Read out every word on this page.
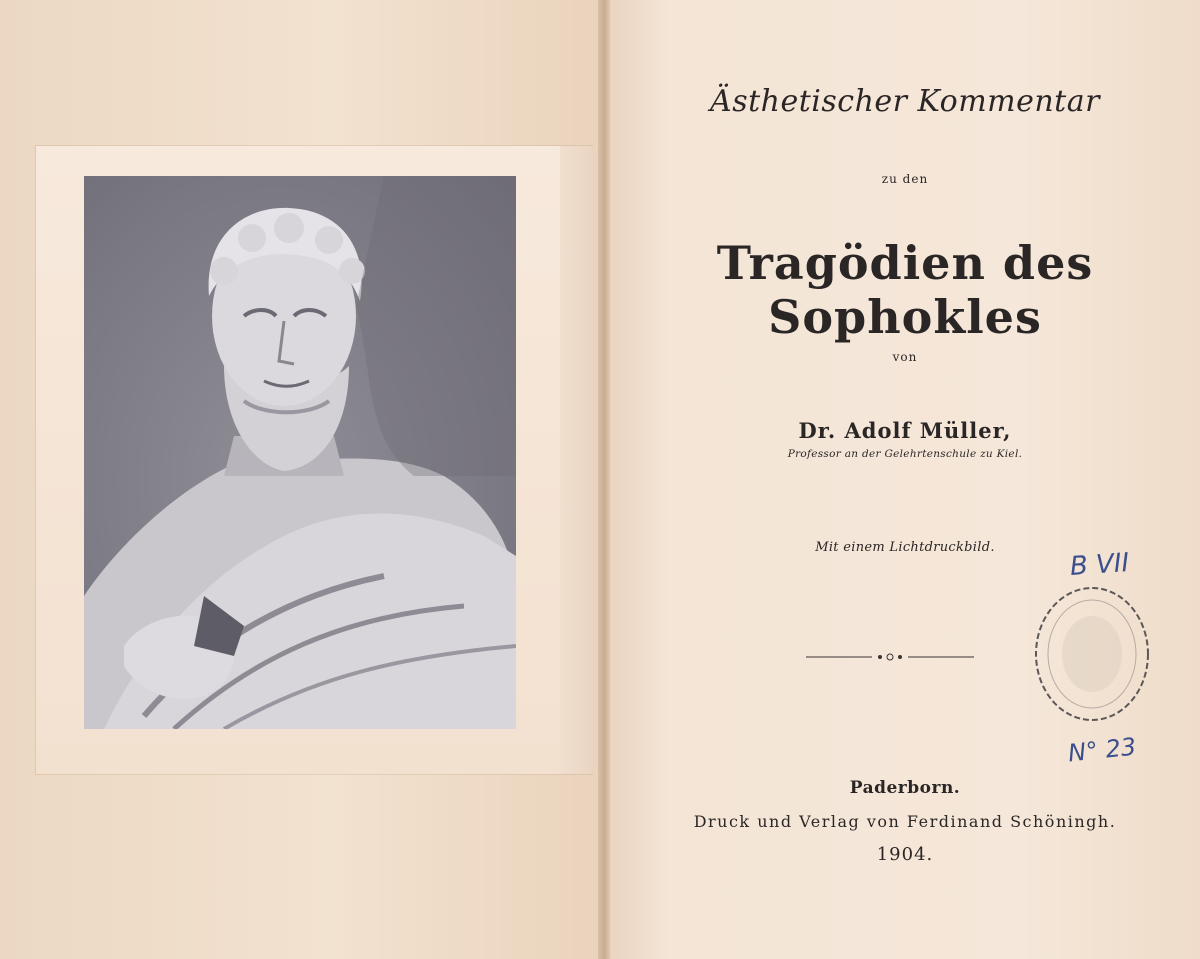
Ästhetischer Kommentar
zu den
Tragödien des Sophokles
von
Dr. Adolf Müller,
Professor an der Gelehrtenschule zu Kiel.
Mit einem Lichtdruckbild.
Paderborn.
Druck und Verlag von Ferdinand Schöningh.
1904.
B VII
N° 23
